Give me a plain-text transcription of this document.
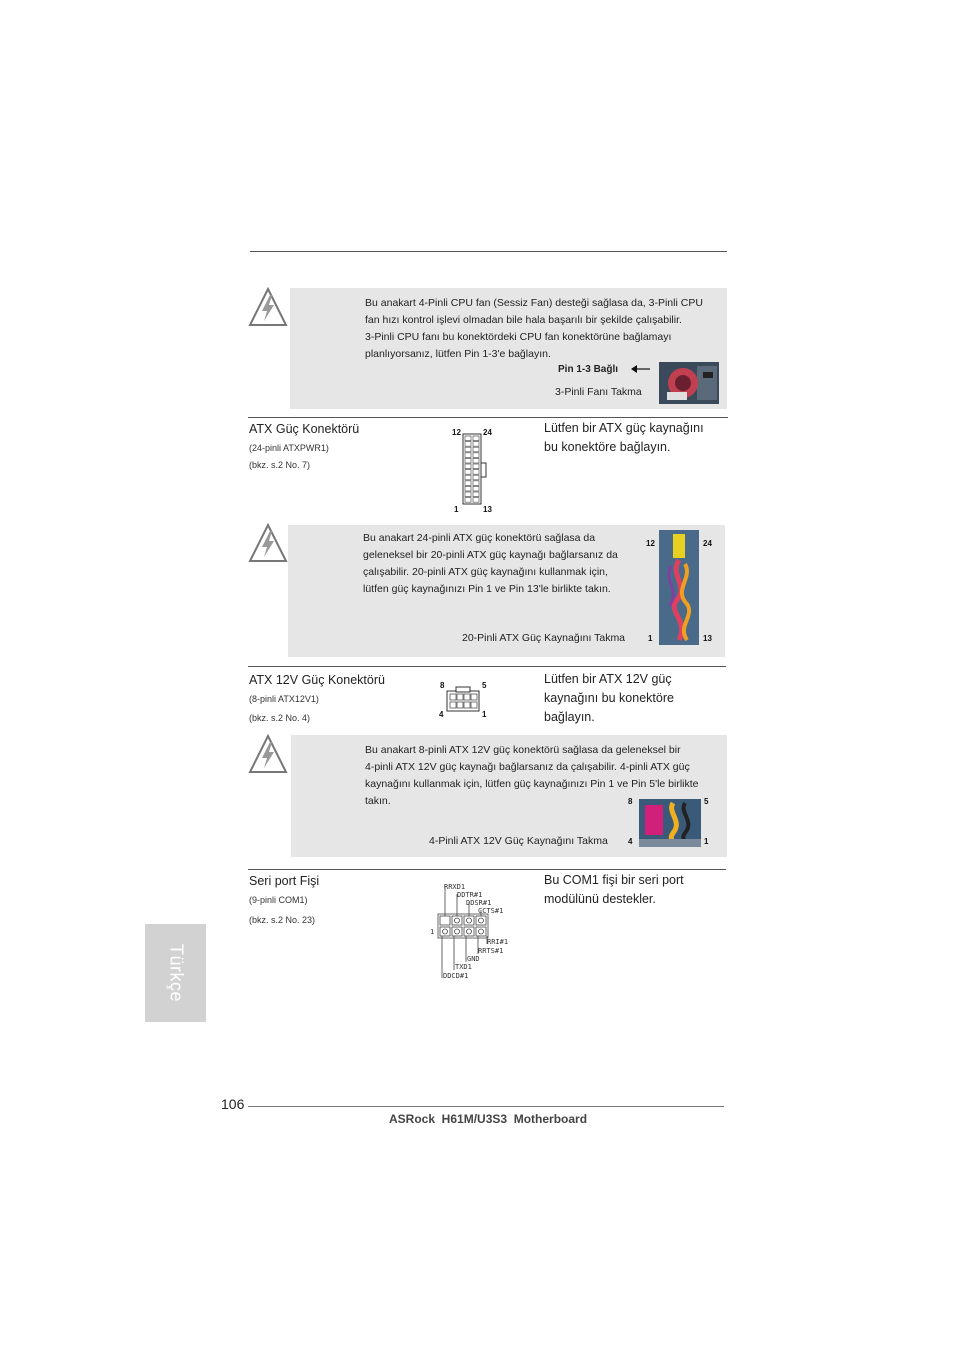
Bu anakart 4-Pinli CPU fan (Sessiz Fan) desteği sağlasa da, 3-Pinli CPU
fan hızı kontrol işlevi olmadan bile hala başarılı bir şekilde çalışabilir.
3-Pinli CPU fanı bu konektördeki CPU fan konektörüne bağlamayı
planlıyorsanız, lütfen Pin 1-3'e bağlayın.
Pin 1-3 Bağlı
3-Pinli Fanı Takma
ATX Güç Konektörü
(24-pinli ATXPWR1)
(bkz. s.2 No. 7)
12	24
1	13
Lütfen bir ATX güç kaynağını
bu konektöre bağlayın.
Bu anakart 24-pinli ATX güç konektörü sağlasa da
geleneksel bir 20-pinli ATX güç kaynağı bağlarsanız da
çalışabilir. 20-pinli ATX güç kaynağını kullanmak için,
lütfen güç kaynağınızı Pin 1 ve Pin 13'le birlikte takın.
20-Pinli ATX Güç Kaynağını Takma
12	24
1	13
ATX 12V Güç Konektörü
(8-pinli ATX12V1)
(bkz. s.2 No. 4)
8	5
4	1
Lütfen bir ATX 12V güç
kaynağını bu konektöre
bağlayın.
Bu anakart 8-pinli ATX 12V güç konektörü sağlasa da geleneksel bir
4-pinli ATX 12V güç kaynağı bağlarsanız da çalışabilir. 4-pinli ATX güç
kaynağını kullanmak için, lütfen güç kaynağınızı Pin 1 ve Pin 5'le birlikte
takın.
4-Pinli ATX 12V Güç Kaynağını Takma
8	5
4	1
Seri port Fişi
(9-pinli COM1)
(bkz. s.2 No. 23)
Bu COM1 fişi bir seri port
modülünü destekler.
RRXD1
DDTR#1
DDSR#1
CCTS#1
RRI#1
RRTS#1
GND
TXD1
DDCD#1
1
Türkçe
106
ASRock  H61M/U3S3  Motherboard
